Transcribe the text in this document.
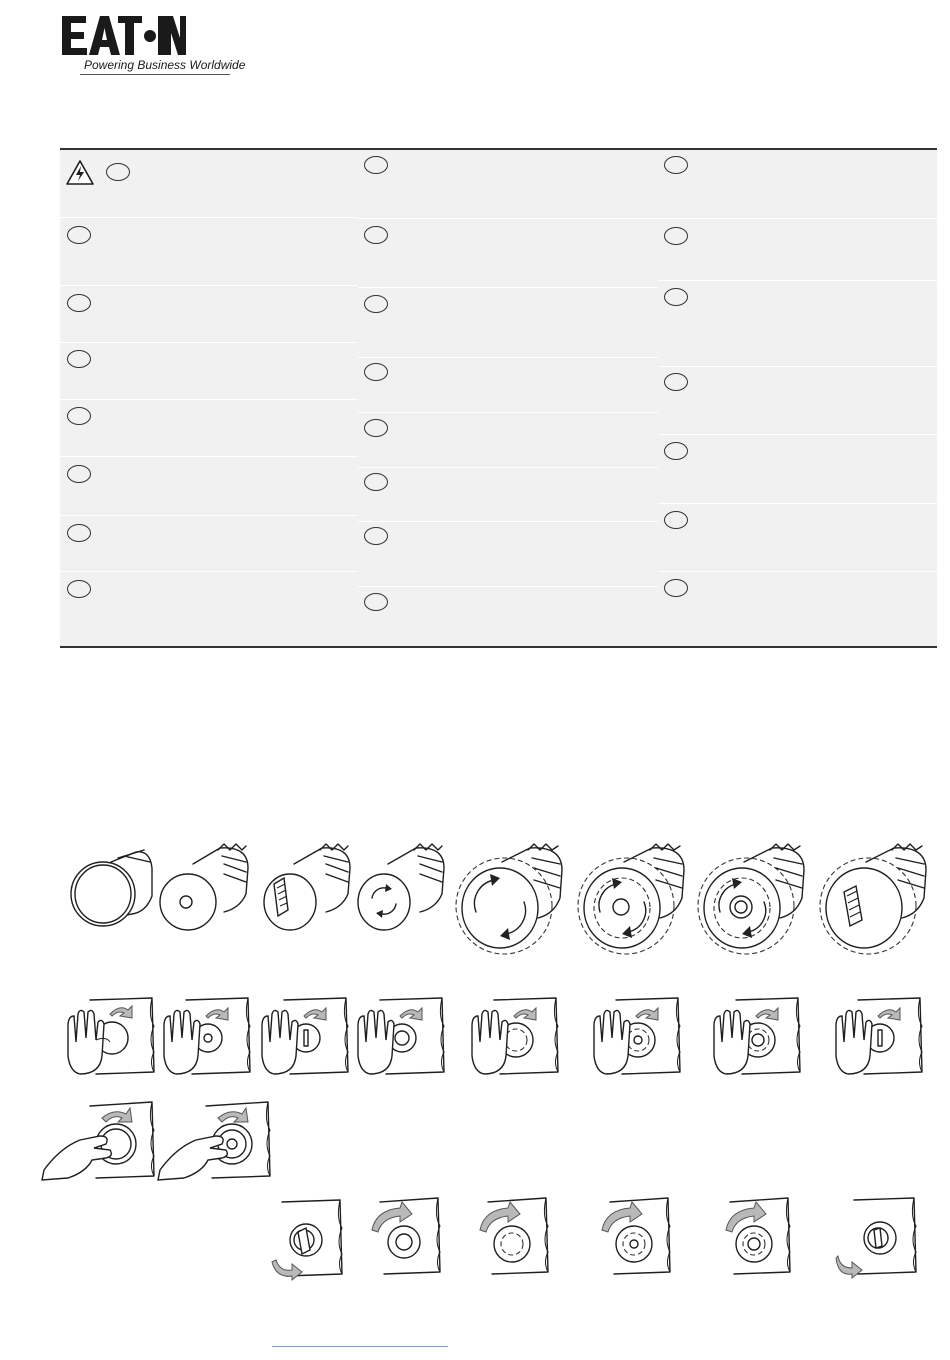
Powering Business Worldwide
